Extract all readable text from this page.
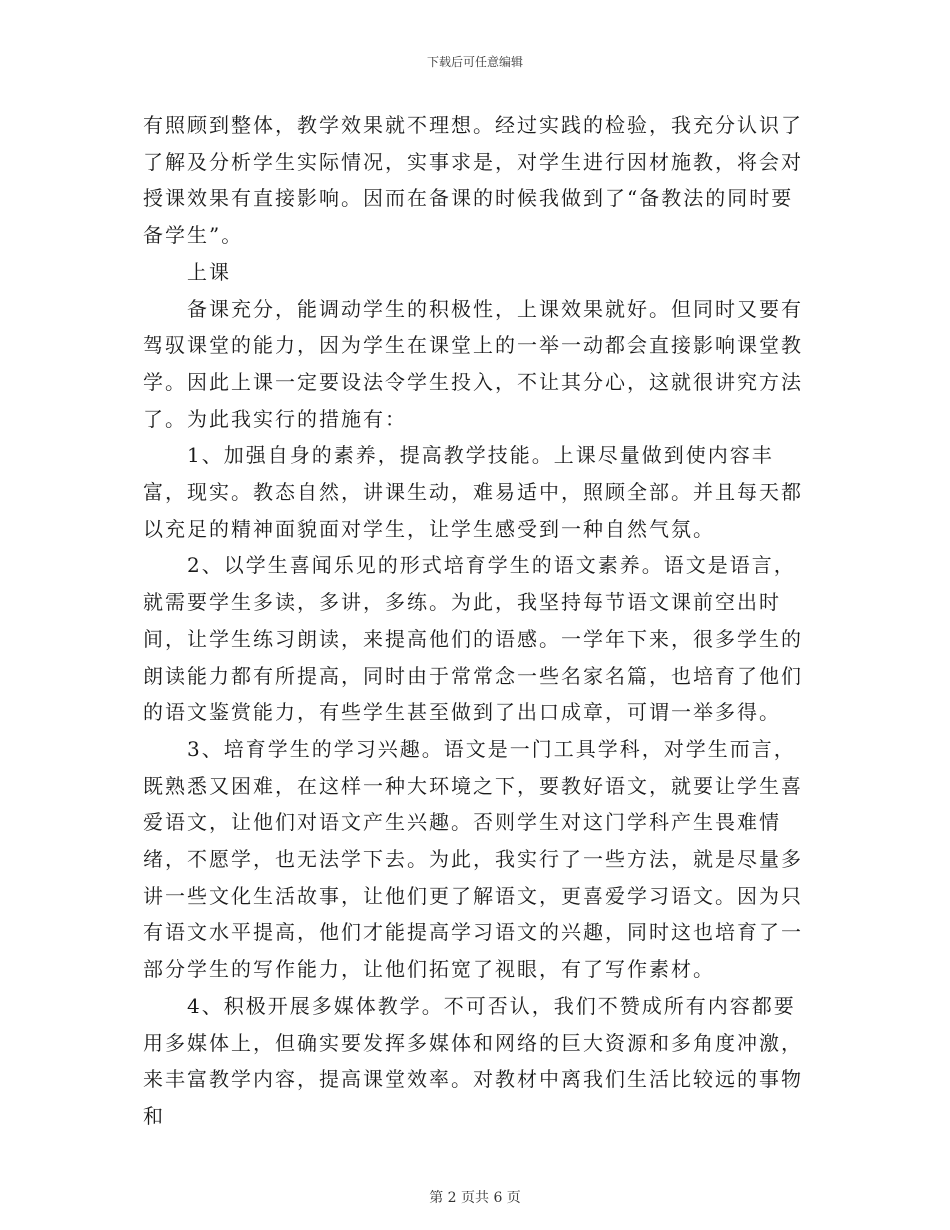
下载后可任意编辑

有照顾到整体，教学效果就不理想。经过实践的检验，我充分认识了了解及分析学生实际情况，实事求是，对学生进行因材施教，将会对授课效果有直接影响。因而在备课的时候我做到了“备教法的同时要备学生”。

上课

备课充分，能调动学生的积极性，上课效果就好。但同时又要有驾驭课堂的能力，因为学生在课堂上的一举一动都会直接影响课堂教学。因此上课一定要设法令学生投入，不让其分心，这就很讲究方法了。为此我实行的措施有：

1、加强自身的素养，提高教学技能。上课尽量做到使内容丰富，现实。教态自然，讲课生动，难易适中，照顾全部。并且每天都以充足的精神面貌面对学生，让学生感受到一种自然气氛。

2、以学生喜闻乐见的形式培育学生的语文素养。语文是语言，就需要学生多读，多讲，多练。为此，我坚持每节语文课前空出时间，让学生练习朗读，来提高他们的语感。一学年下来，很多学生的朗读能力都有所提高，同时由于常常念一些名家名篇，也培育了他们的语文鉴赏能力，有些学生甚至做到了出口成章，可谓一举多得。

3、培育学生的学习兴趣。语文是一门工具学科，对学生而言，既熟悉又困难，在这样一种大环境之下，要教好语文，就要让学生喜爱语文，让他们对语文产生兴趣。否则学生对这门学科产生畏难情绪，不愿学，也无法学下去。为此，我实行了一些方法，就是尽量多讲一些文化生活故事，让他们更了解语文，更喜爱学习语文。因为只有语文水平提高，他们才能提高学习语文的兴趣，同时这也培育了一部分学生的写作能力，让他们拓宽了视眼，有了写作素材。

4、积极开展多媒体教学。不可否认，我们不赞成所有内容都要用多媒体上，但确实要发挥多媒体和网络的巨大资源和多角度冲激，来丰富教学内容，提高课堂效率。对教材中离我们生活比较远的事物和

第 2 页共 6 页
